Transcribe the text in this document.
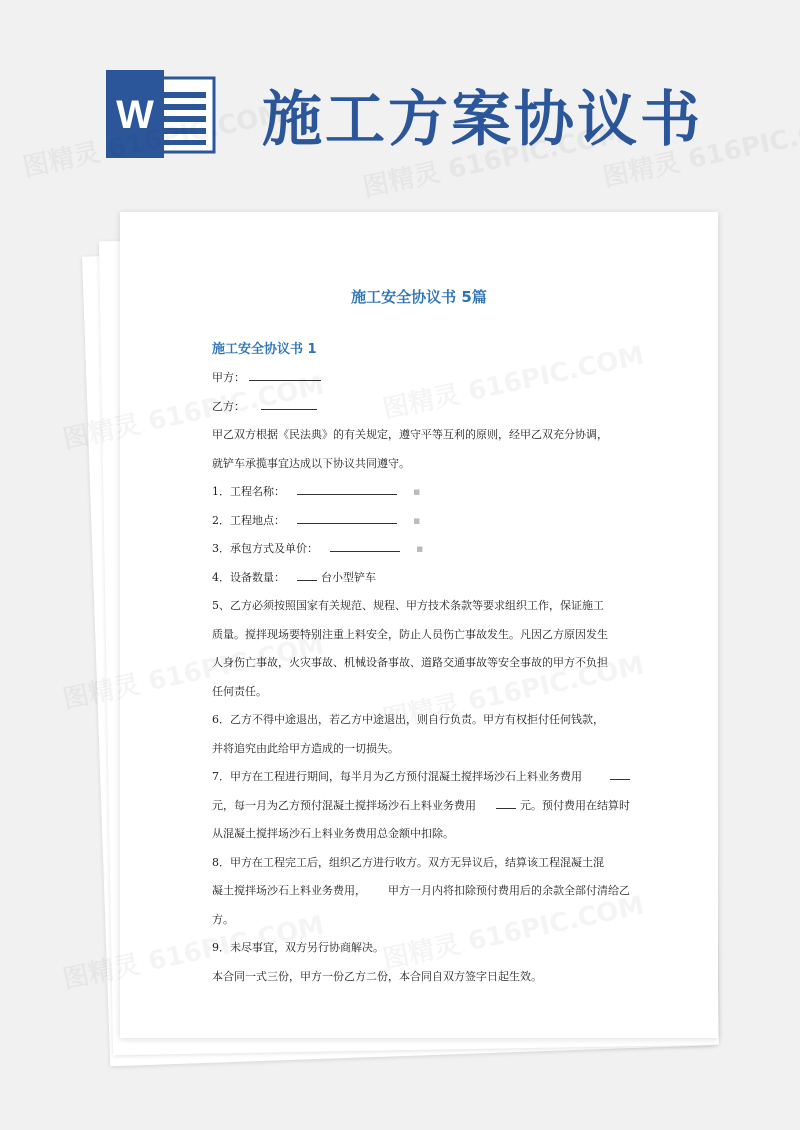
W 施工方案协议书
施工安全协议书 5篇
施工安全协议书 1
甲方：
乙方：
甲乙双方根据《民法典》的有关规定，遵守平等互利的原则，经甲乙双充分协调，
就铲车承揽事宜达成以下协议共同遵守。
1．工程名称：	▪
2．工程地点：	▪
3．承包方式及单价：	▪
4．设备数量：	台小型铲车
5、乙方必须按照国家有关规范、规程、甲方技术条款等要求组织工作，保证施工
质量。搅拌现场要特别注重上料安全，防止人员伤亡事故发生。凡因乙方原因发生
人身伤亡事故，火灾事故、机械设备事故、道路交通事故等安全事故的甲方不负担
任何责任。
6．乙方不得中途退出，若乙方中途退出，则自行负责。甲方有权拒付任何钱款，
并将追究由此给甲方造成的一切损失。
7．甲方在工程进行期间，每半月为乙方预付混凝土搅拌场沙石上料业务费用
元，每一月为乙方预付混凝土搅拌场沙石上料业务费用	元。预付费用在结算时
从混凝土搅拌场沙石上料业务费用总金额中扣除。
8．甲方在工程完工后，组织乙方进行收方。双方无异议后，结算该工程混凝土混
凝土搅拌场沙石上料业务费用， 甲方一月内将扣除预付费用后的余款全部付清给乙
方。
9．未尽事宜，双方另行协商解决。
本合同一式三份，甲方一份乙方二份，本合同自双方签字日起生效。
